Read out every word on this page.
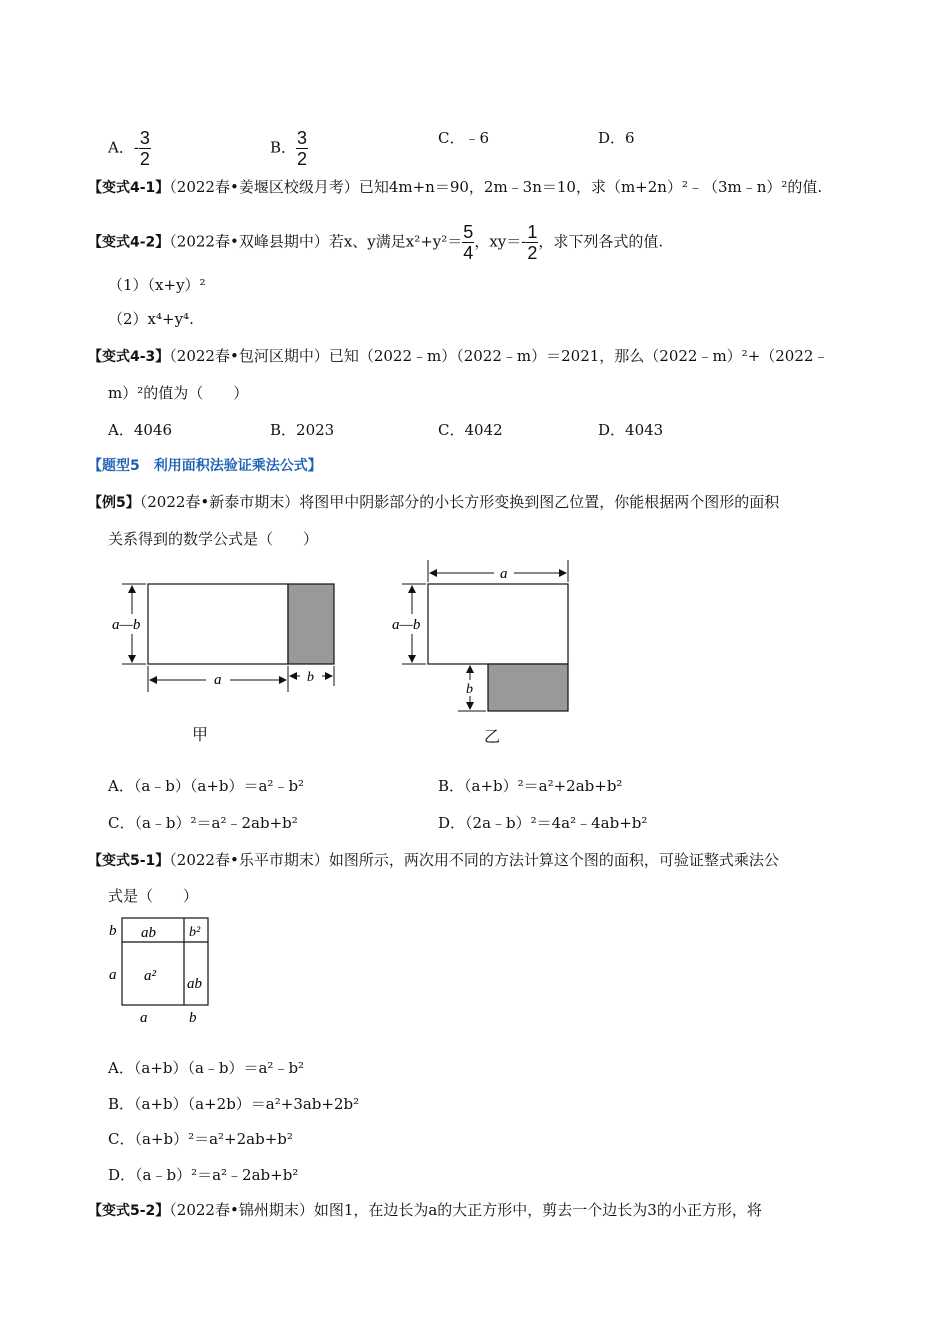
A．- $\frac{3}{2}$	B． $\frac{3}{2}$	C．﹣6	D．6
【变式4-1】（2022春•姜堰区校级月考）已知4m+n＝90，2m﹣3n＝10，求（m+2n）²﹣（3m﹣n）²的值.
【变式4-2】（2022春•双峰县期中）若x、y满足$x^2+y^2= \frac{5}{4}$ ，$xy=- \frac{1}{2}$ ，求下列各式的值.
（1）（x+y）²
（2）x⁴+y⁴.
【变式4-3】（2022春•包河区期中）已知（2022﹣m）（2022﹣m）＝2021，那么（2022﹣m）²+（2022﹣
m）²的值为（　　）
A．4046	B．2023	C．4042	D．4043
【题型5　利用面积法验证乘法公式】
【例5】（2022春•新泰市期末）将图甲中阴影部分的小长方形变换到图乙位置，你能根据两个图形的面积
关系得到的数学公式是（　　）
a—b
a	b
甲
a
a—b
b
乙
A．（a﹣b）（a+b）＝a²﹣b²	B．（a+b）²＝a²+2ab+b²
C．（a﹣b）²＝a²﹣2ab+b²	D．（2a﹣b）²＝4a²﹣4ab+b²
【变式5-1】（2022春•乐平市期末）如图所示，两次用不同的方法计算这个图的面积，可验证整式乘法公
式是（　　）
ab b²
a² ab
b
a
a	b
A．（a+b）（a﹣b）＝a²﹣b²
B．（a+b）（a+2b）＝a²+3ab+2b²
C．（a+b）²＝a²+2ab+b²
D．（a﹣b）²＝a²﹣2ab+b²
【变式5-2】（2022春•锦州期末）如图1，在边长为a的大正方形中，剪去一个边长为3的小正方形，将
